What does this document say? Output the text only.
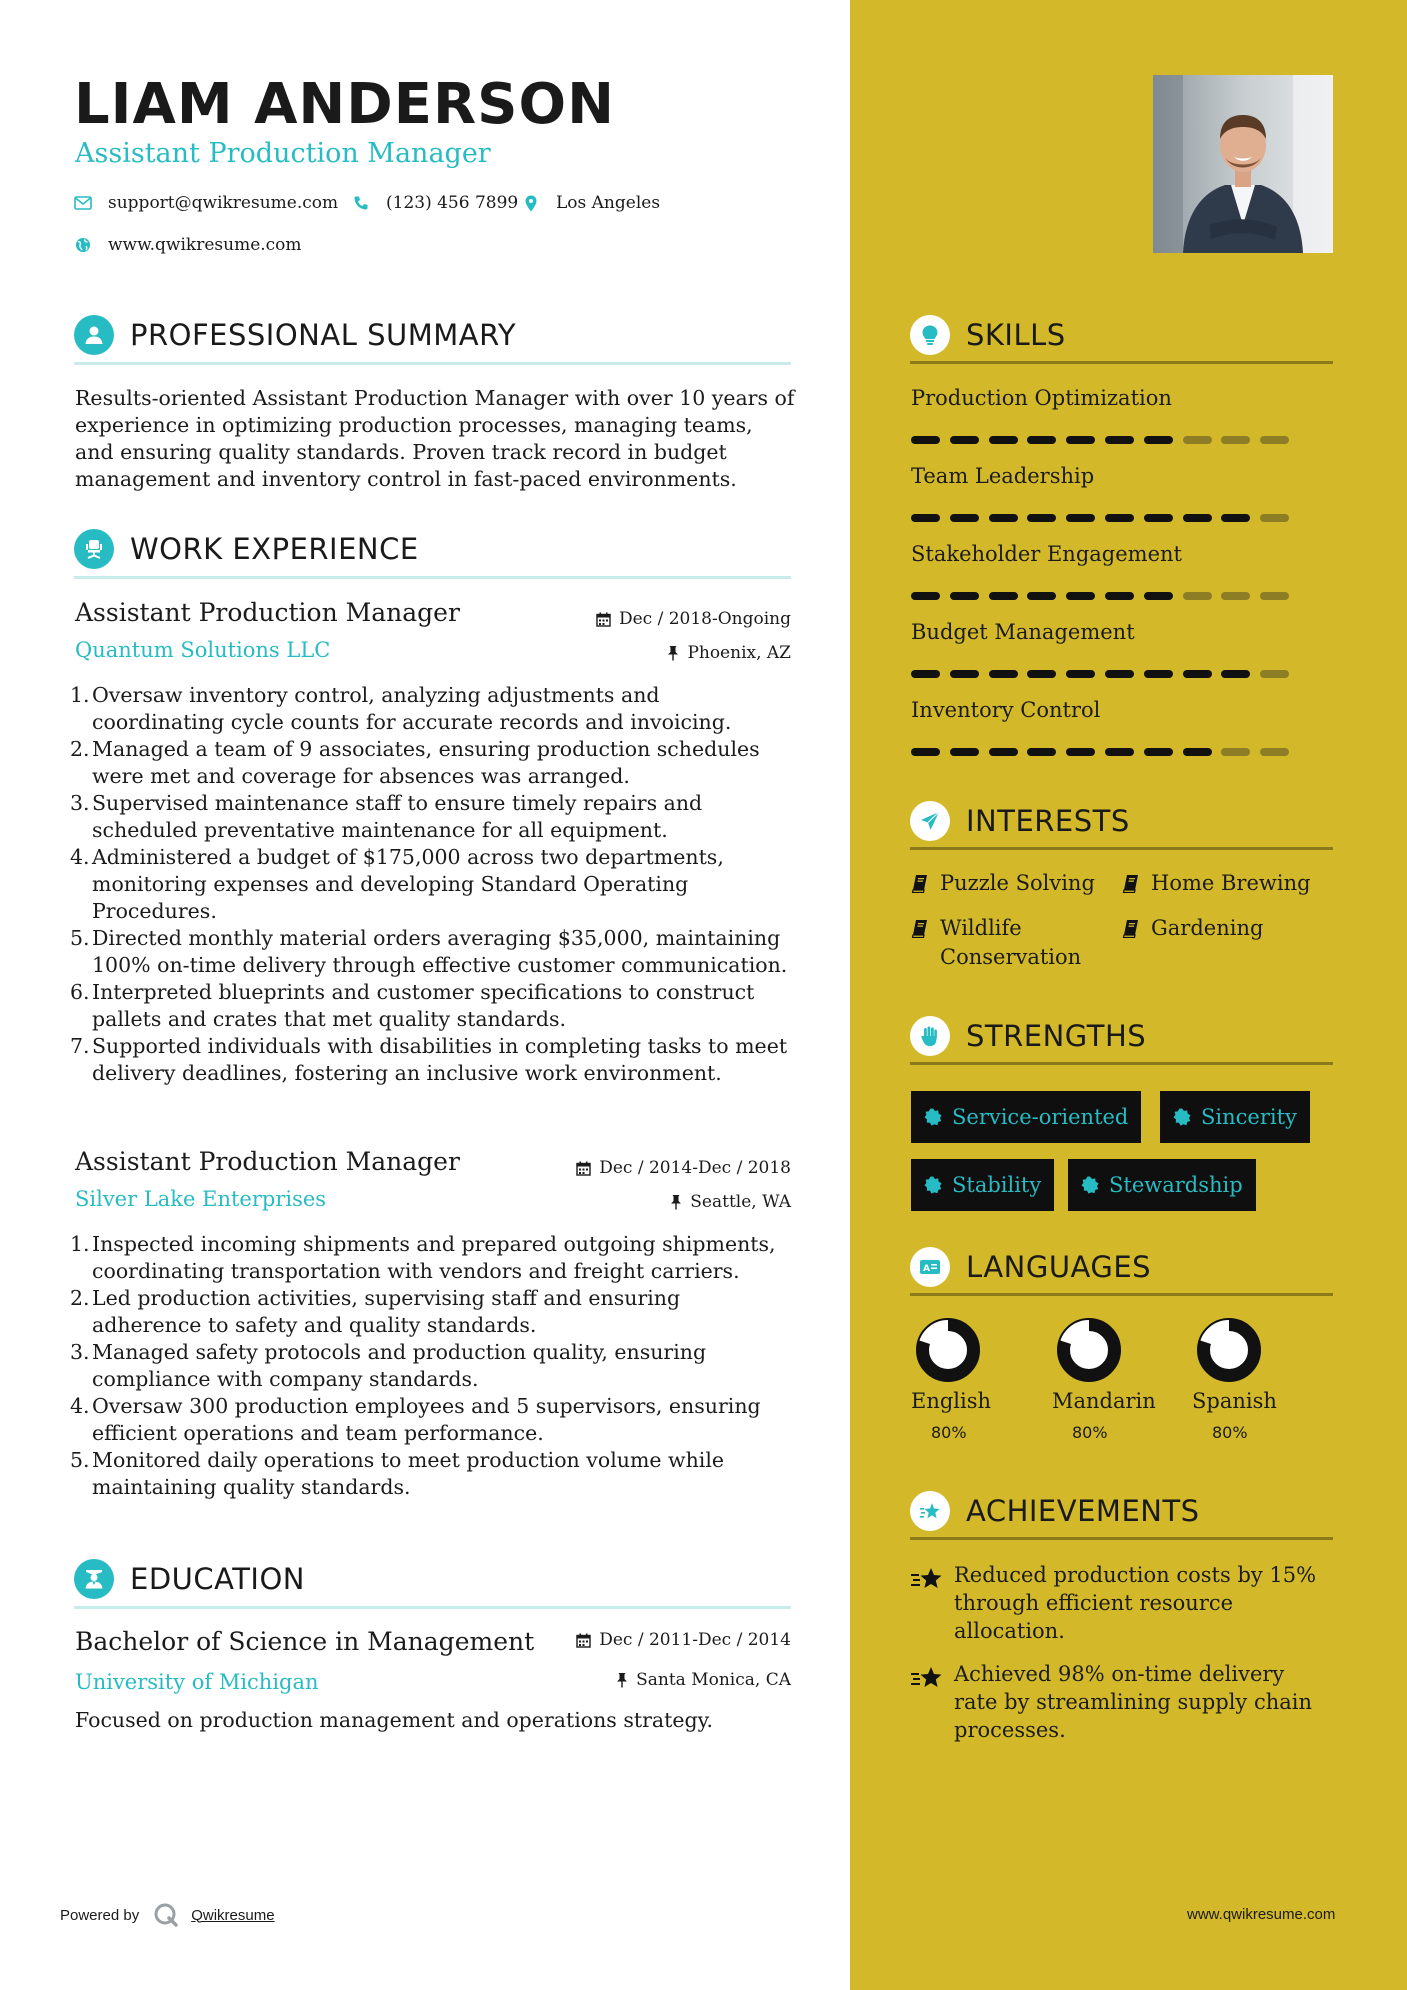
LIAM ANDERSON
Assistant Production Manager
support@qwikresume.com	(123) 456 7899 Los Angeles
www.qwikresume.com
PROFESSIONAL SUMMARY
Results-oriented Assistant Production Manager with over 10 years of experience in optimizing production processes, managing teams, and ensuring quality standards. Proven track record in budget management and inventory control in fast-paced environments.
WORK EXPERIENCE
Assistant Production Manager	Dec / 2018-Ongoing
Quantum Solutions LLC	Phoenix, AZ
1. Oversaw inventory control, analyzing adjustments and coordinating cycle counts for accurate records and invoicing.
2. Managed a team of 9 associates, ensuring production schedules were met and coverage for absences was arranged.
3. Supervised maintenance staff to ensure timely repairs and scheduled preventative maintenance for all equipment.
4. Administered a budget of $175,000 across two departments, monitoring expenses and developing Standard Operating Procedures.
5. Directed monthly material orders averaging $35,000, maintaining 100% on-time delivery through effective customer communication.
6. Interpreted blueprints and customer specifications to construct pallets and crates that met quality standards.
7. Supported individuals with disabilities in completing tasks to meet delivery deadlines, fostering an inclusive work environment.
Assistant Production Manager	Dec / 2014-Dec / 2018
Silver Lake Enterprises	Seattle, WA
1. Inspected incoming shipments and prepared outgoing shipments, coordinating transportation with vendors and freight carriers.
2. Led production activities, supervising staff and ensuring adherence to safety and quality standards.
3. Managed safety protocols and production quality, ensuring compliance with company standards.
4. Oversaw 300 production employees and 5 supervisors, ensuring efficient operations and team performance.
5. Monitored daily operations to meet production volume while maintaining quality standards.
EDUCATION
Bachelor of Science in Management	Dec / 2011-Dec / 2014
University of Michigan	Santa Monica, CA
Focused on production management and operations strategy.
Powered by	Qwikresume
SKILLS
Production Optimization
Team Leadership
Stakeholder Engagement
Budget Management
Inventory Control
INTERESTS
Puzzle Solving	Home Brewing
Wildlife Conservation
Gardening
STRENGTHS
Service-oriented	Sincerity
Stability	Stewardship
A LANGUAGES
English
80%
Mandarin
80%
Spanish
80%
ACHIEVEMENTS
Reduced production costs by 15% through efficient resource allocation.
Achieved 98% on-time delivery rate by streamlining supply chain processes.
www.qwikresume.com
